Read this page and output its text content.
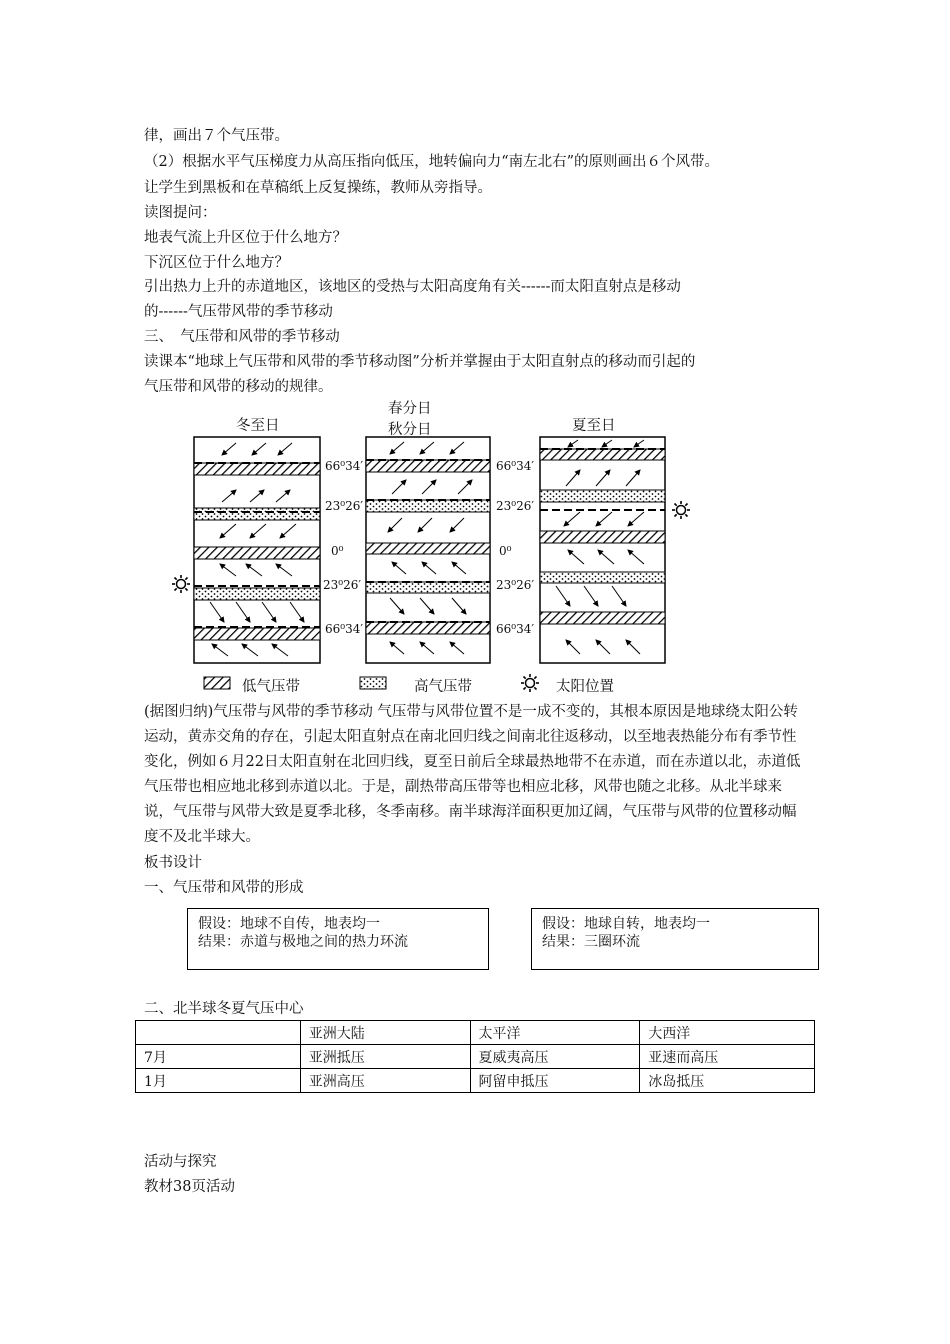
律，画出７个气压带。
（2）根据水平气压梯度力从高压指向低压，地转偏向力“南左北右”的原则画出６个风带。
让学生到黑板和在草稿纸上反复操练，教师从旁指导。
读图提问：
地表气流上升区位于什么地方？
下沉区位于什么地方？
引出热力上升的赤道地区，该地区的受热与太阳高度角有关------而太阳直射点是移动
的------气压带风带的季节移动
三、　气压带和风带的季节移动
读课本“地球上气压带和风带的季节移动图”分析并掌握由于太阳直射点的移动而引起的
气压带和风带的移动的规律。
冬至日
春分日
秋分日	夏至日
66⁰34′
23⁰26′
0⁰
23⁰26′
66⁰34′
66⁰34′
23⁰26′
0⁰
23⁰26′
66⁰34′
低气压带	高气压带	太阳位置
(据图归纳)气压带与风带的季节移动 气压带与风带位置不是一成不变的，其根本原因是地球绕太阳公转运动，黄赤交角的存在，引起太阳直射点在南北回归线之间南北往返移动，以至地表热能分布有季节性变化，例如６月22日太阳直射在北回归线，夏至日前后全球最热地带不在赤道，而在赤道以北，赤道低气压带也相应地北移到赤道以北。于是，副热带高压带等也相应北移，风带也随之北移。从北半球来说，气压带与风带大致是夏季北移，冬季南移。南半球海洋面积更加辽阔，气压带与风带的位置移动幅度不及北半球大。
板书设计
一、气压带和风带的形成
假设：地球不自传，地表均一
结果：赤道与极地之间的热力环流
假设：地球自转，地表均一
结果：三圈环流
二、北半球冬夏气压中心
	亚洲大陆	太平洋	大西洋
7月	亚洲抵压	夏威夷高压	亚速而高压
1月	亚洲高压	阿留申抵压	冰岛抵压
活动与探究
教材38页活动
